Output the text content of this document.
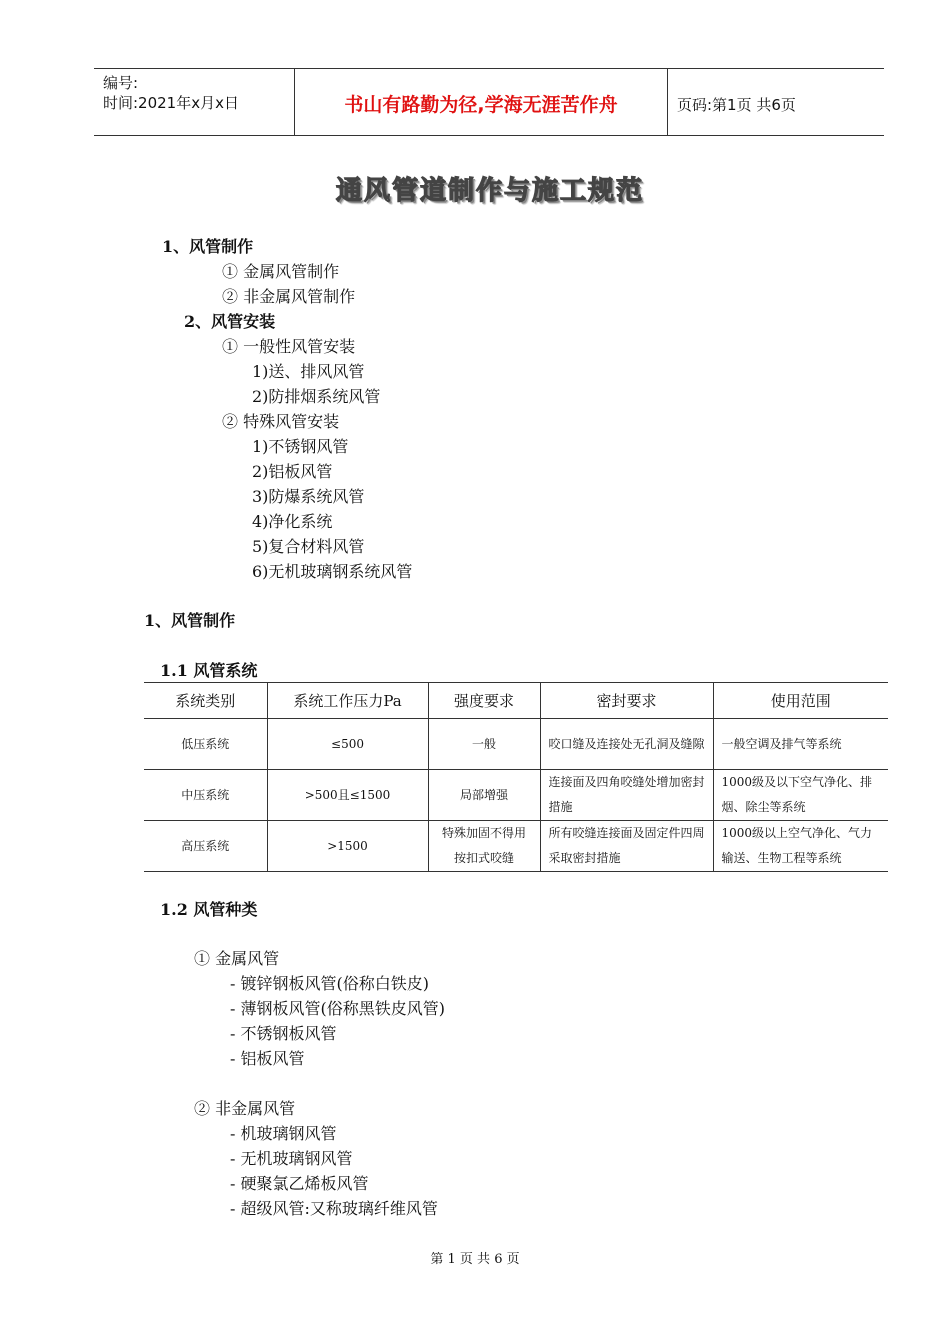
编号:
时间:2021年x月x日	书山有路勤为径,学海无涯苦作舟	页码:第1页 共6页
通风管道制作与施工规范
1、风管制作
① 金属风管制作
② 非金属风管制作
2、风管安装
① 一般性风管安装
1)送、排风风管
2)防排烟系统风管
② 特殊风管安装
1)不锈钢风管
2)铝板风管
3)防爆系统风管
4)净化系统
5)复合材料风管
6)无机玻璃钢系统风管
1、风管制作
1.1 风管系统
系统类别	系统工作压力Pa	强度要求	密封要求	使用范围
低压系统	≤500	一般	咬口缝及连接处无孔洞及缝隙	一般空调及排气等系统
中压系统	>500且≤1500	局部增强	连接面及四角咬缝处增加密封措施	1000级及以下空气净化、排烟、除尘等系统
高压系统	>1500	特殊加固不得用按扣式咬缝	所有咬缝连接面及固定件四周采取密封措施	1000级以上空气净化、气力输送、生物工程等系统
1.2 风管种类
① 金属风管
- 镀锌钢板风管(俗称白铁皮)
- 薄钢板风管(俗称黑铁皮风管)
- 不锈钢板风管
- 铝板风管
② 非金属风管
- 机玻璃钢风管
- 无机玻璃钢风管
- 硬聚氯乙烯板风管
- 超级风管:又称玻璃纤维风管
第 1 页 共 6 页
